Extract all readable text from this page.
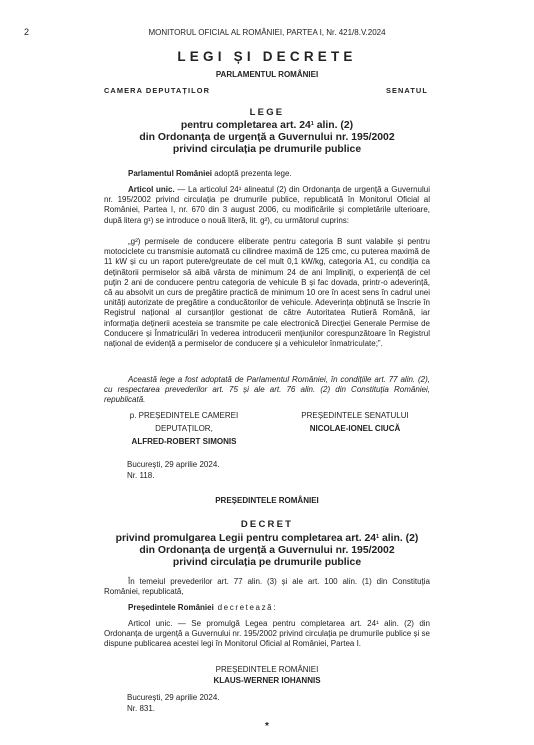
2	MONITORUL OFICIAL AL ROMÂNIEI, PARTEA I, Nr. 421/8.V.2024
LEGI ȘI DECRETE
PARLAMENTUL ROMÂNIEI
CAMERA DEPUTAȚILOR	SENATUL
LEGE
pentru completarea art. $24^1$ alin. (2)
din Ordonanța de urgență a Guvernului nr. 195/2002
privind circulația pe drumurile publice

Parlamentul României adoptă prezenta lege.

Articol unic. — La articolul 24¹ alineatul (2) din Ordonanța de urgență a Guvernului nr. 195/2002 privind circulația pe drumurile publice, republicată în Monitorul Oficial al României, Partea I, nr. 670 din 3 august 2006, cu modificările și completările ulterioare, după litera g¹) se introduce o nouă literă, lit. g²), cu următorul cuprins:

„g²) permisele de conducere eliberate pentru categoria B sunt valabile și pentru motociclete cu transmisie automată cu cilindree maximă de 125 cmc, cu puterea maximă de 11 kW și cu un raport putere/greutate de cel mult 0,1 kW/kg, categoria A1, cu condiția ca deținătorii permiselor să aibă vârsta de minimum 24 de ani împliniți, o experiență de cel puțin 2 ani de conducere pentru categoria de vehicule B și fac dovada, printr-o adeverință, că au absolvit un curs de pregătire practică de minimum 10 ore în acest sens în cadrul unei unități autorizate de pregătire a conducătorilor de vehicule. Adeverința obținută se înscrie în Registrul național al cursanților gestionat de către Autoritatea Rutieră Română, iar informația deținerii acesteia se transmite pe cale electronică Direcției Generale Permise de Conducere și Înmatriculări în vederea introducerii mențiunilor corespunzătoare în Registrul național de evidență a permiselor de conducere și a vehiculelor înmatriculate;”.

Această lege a fost adoptată de Parlamentul României, în condițiile art. 77 alin. (2), cu respectarea prevederilor art. 75 și ale art. 76 alin. (2) din Constituția României, republicată.

p. PREȘEDINTELE CAMEREI
DEPUTAȚILOR,
ALFRED-ROBERT SIMONIS
PREȘEDINTELE SENATULUI
NICOLAE-IONEL CIUCĂ
București, 29 aprilie 2024.
Nr. 118.
PREȘEDINTELE ROMÂNIEI
DECRET
privind promulgarea Legii pentru completarea art. $24^1$ alin. (2)
din Ordonanța de urgență a Guvernului nr. 195/2002
privind circulația pe drumurile publice

În temeiul prevederilor art. 77 alin. (3) și ale art. 100 alin. (1) din Constituția României, republicată,

Președintele României decretează:

Articol unic. — Se promulgă Legea pentru completarea art. 24¹ alin. (2) din Ordonanța de urgență a Guvernului nr. 195/2002 privind circulația pe drumurile publice și se dispune publicarea acestei legi în Monitorul Oficial al României, Partea I.

PREȘEDINTELE ROMÂNIEI
KLAUS-WERNER IOHANNIS
București, 29 aprilie 2024.
Nr. 831.
*
